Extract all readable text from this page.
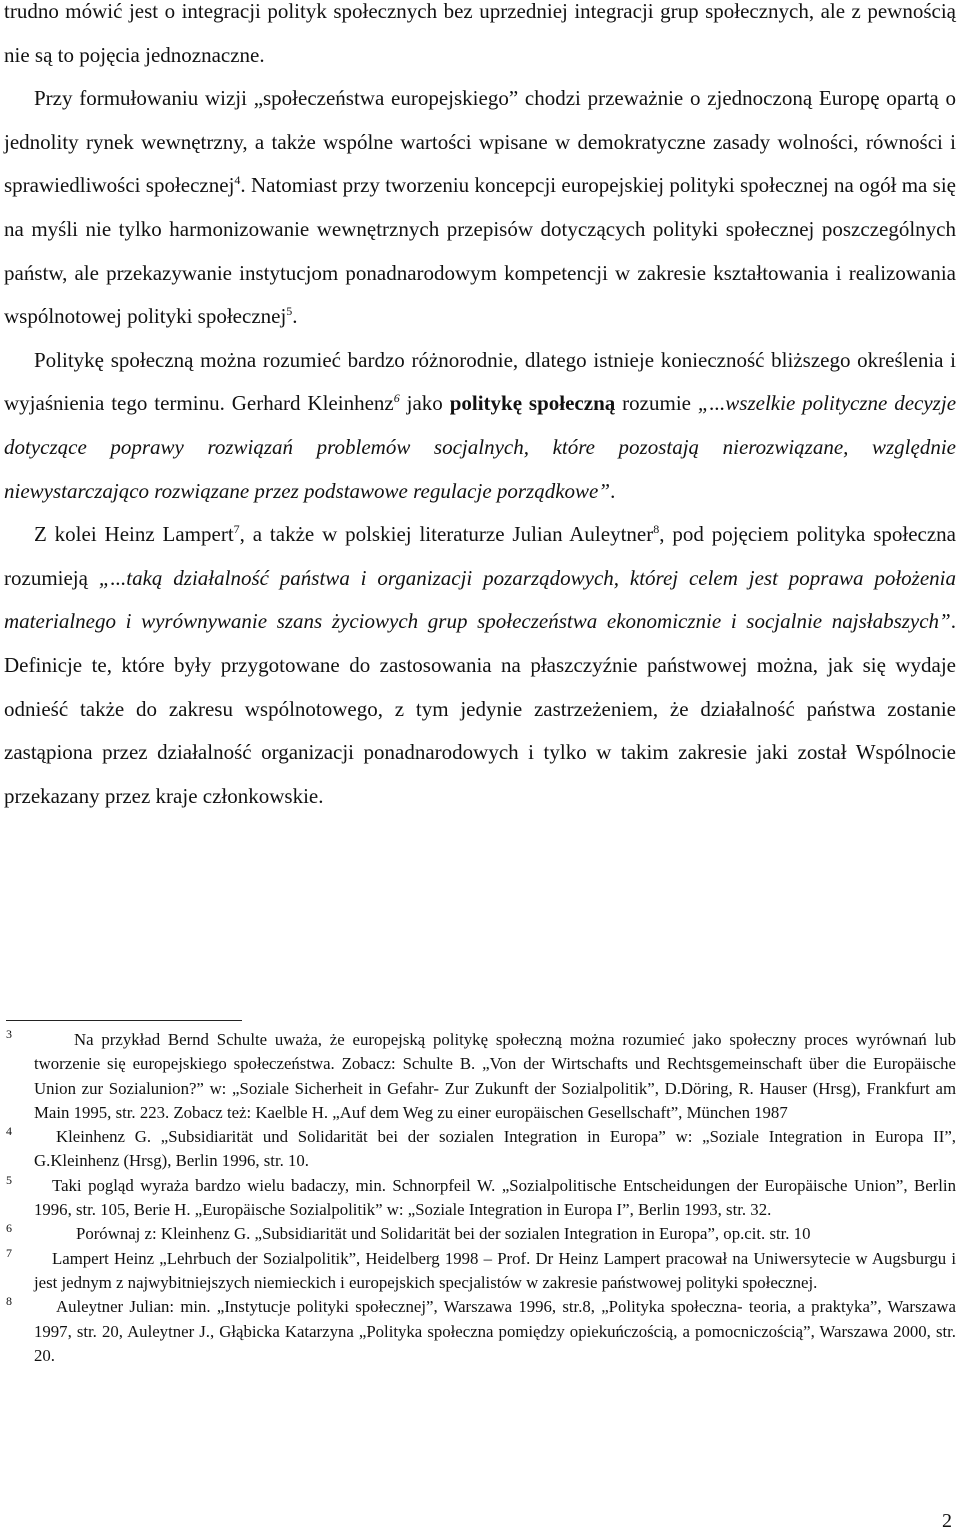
trudno mówić jest o integracji polityk społecznych bez uprzedniej integracji grup społecznych, ale z pewnością nie są to pojęcia jednoznaczne.

Przy formułowaniu wizji „społeczeństwa europejskiego” chodzi przeważnie o zjednoczoną Europę opartą o jednolity rynek wewnętrzny, a także wspólne wartości wpisane w demokratyczne zasady wolności, równości i sprawiedliwości społecznej$^4$. Natomiast przy tworzeniu koncepcji europejskiej polityki społecznej na ogół ma się na myśli nie tylko harmonizowanie wewnętrznych przepisów dotyczących polityki społecznej poszczególnych państw, ale przekazywanie instytucjom ponadnarodowym kompetencji w zakresie kształtowania i realizowania wspólnotowej polityki społecznej$^5$.

Politykę społeczną można rozumieć bardzo różnorodnie, dlatego istnieje konieczność bliższego określenia i wyjaśnienia tego terminu. Gerhard Kleinhenz$^6$ jako politykę społeczną rozumie „...wszelkie polityczne decyzje dotyczące poprawy rozwiązań problemów socjalnych, które pozostają nierozwiązane, względnie niewystarczająco rozwiązane przez podstawowe regulacje porządkowe”.

Z kolei Heinz Lampert$^7$, a także w polskiej literaturze Julian Auleytner$^8$, pod pojęciem polityka społeczna rozumieją „...taką działalność państwa i organizacji pozarządowych, której celem jest poprawa położenia materialnego i wyrównywanie szans życiowych grup społeczeństwa ekonomicznie i socjalnie najsłabszych”. Definicje te, które były przygotowane do zastosowania na płaszczyźnie państwowej można, jak się wydaje odnieść także do zakresu wspólnotowego, z tym jedynie zastrzeżeniem, że działalność państwa zostanie zastąpiona przez działalność organizacji ponadnarodowych i tylko w takim zakresie jaki został Wspólnocie przekazany przez kraje członkowskie.

3	Na przykład Bernd Schulte uważa, że europejską politykę społeczną można rozumieć jako społeczny proces wyrównań lub tworzenie się europejskiego społeczeństwa. Zobacz: Schulte B. „Von der Wirtschafts und Rechtsgemeinschaft über die Europäische Union zur Sozialunion?” w: „Soziale Sicherheit in Gefahr- Zur Zukunft der Sozialpolitik”, D.Döring, R. Hauser (Hrsg), Frankfurt am Main 1995, str. 223. Zobacz też: Kaelble H. „Auf dem Weg zu einer europäischen Gesellschaft”, München 1987
4	Kleinhenz G. „Subsidiarität und Solidarität bei der sozialen Integration in Europa” w: „Soziale Integration in Europa II”, G.Kleinhenz (Hrsg), Berlin 1996, str. 10.
5	Taki pogląd wyraża bardzo wielu badaczy, min. Schnorpfeil W. „Sozialpolitische Entscheidungen der Europäische Union”, Berlin 1996, str. 105, Berie H. „Europäische Sozialpolitik” w: „Soziale Integration in Europa I”, Berlin 1993, str. 32.
6	Porównaj z: Kleinhenz G. „Subsidiarität und Solidarität bei der sozialen Integration in Europa”, op.cit. str. 10
7	Lampert Heinz „Lehrbuch der Sozialpolitik”, Heidelberg 1998 – Prof. Dr Heinz Lampert pracował na Uniwersytecie w Augsburgu i jest jednym z najwybitniejszych niemieckich i europejskich specjalistów w zakresie państwowej polityki społecznej.
8	Auleytner Julian: min. „Instytucje polityki społecznej”, Warszawa 1996, str.8, „Polityka społeczna- teoria, a praktyka”, Warszawa 1997, str. 20, Auleytner J., Głąbicka Katarzyna „Polityka społeczna pomiędzy opiekuńczością, a pomocniczością”, Warszawa 2000, str. 20.
2
